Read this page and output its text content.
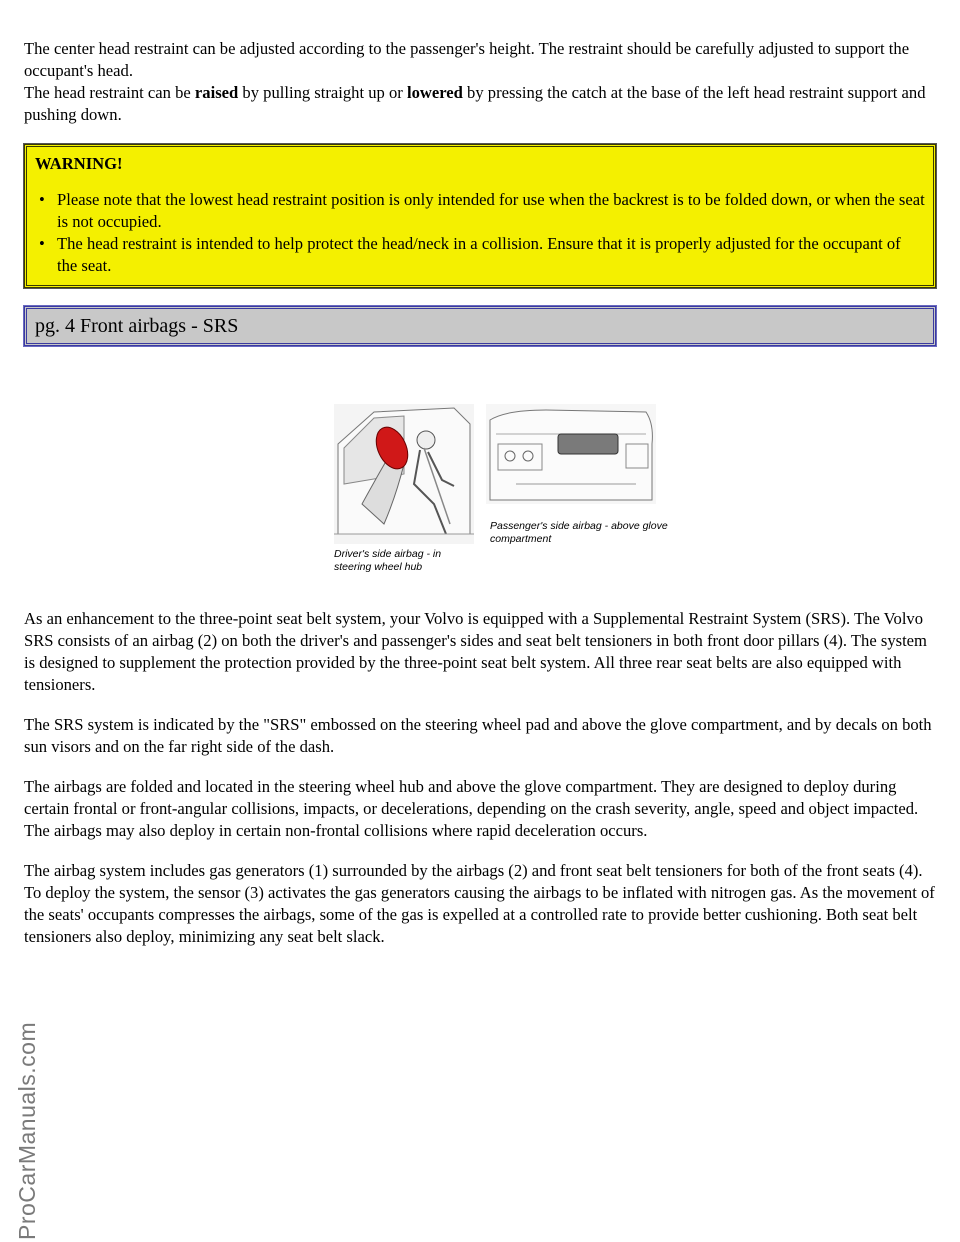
The center head restraint can be adjusted according to the passenger's height. The restraint should be carefully adjusted to support the occupant's head.

The head restraint can be raised by pulling straight up or lowered by pressing the catch at the base of the left head restraint support and pushing down.

WARNING!
• Please note that the lowest head restraint position is only intended for use when the backrest is to be folded down, or when the seat is not occupied.
• The head restraint is intended to help protect the head/neck in a collision. Ensure that it is properly adjusted for the occupant of the seat.
pg. 4 Front airbags - SRS
Driver's side airbag - in steering wheel hub
Passenger's side airbag - above glove compartment

As an enhancement to the three-point seat belt system, your Volvo is equipped with a Supplemental Restraint System (SRS). The Volvo SRS consists of an airbag (2) on both the driver's and passenger's sides and seat belt tensioners in both front door pillars (4). The system is designed to supplement the protection provided by the three-point seat belt system. All three rear seat belts are also equipped with tensioners.

The SRS system is indicated by the "SRS" embossed on the steering wheel pad and above the glove compartment, and by decals on both sun visors and on the far right side of the dash.

The airbags are folded and located in the steering wheel hub and above the glove compartment. They are designed to deploy during certain frontal or front-angular collisions, impacts, or decelerations, depending on the crash severity, angle, speed and object impacted. The airbags may also deploy in certain non-frontal collisions where rapid deceleration occurs.

The airbag system includes gas generators (1) surrounded by the airbags (2) and front seat belt tensioners for both of the front seats (4). To deploy the system, the sensor (3) activates the gas generators causing the airbags to be inflated with nitrogen gas. As the movement of the seats' occupants compresses the airbags, some of the gas is expelled at a controlled rate to provide better cushioning. Both seat belt tensioners also deploy, minimizing any seat belt slack.

ProCarManuals.com
